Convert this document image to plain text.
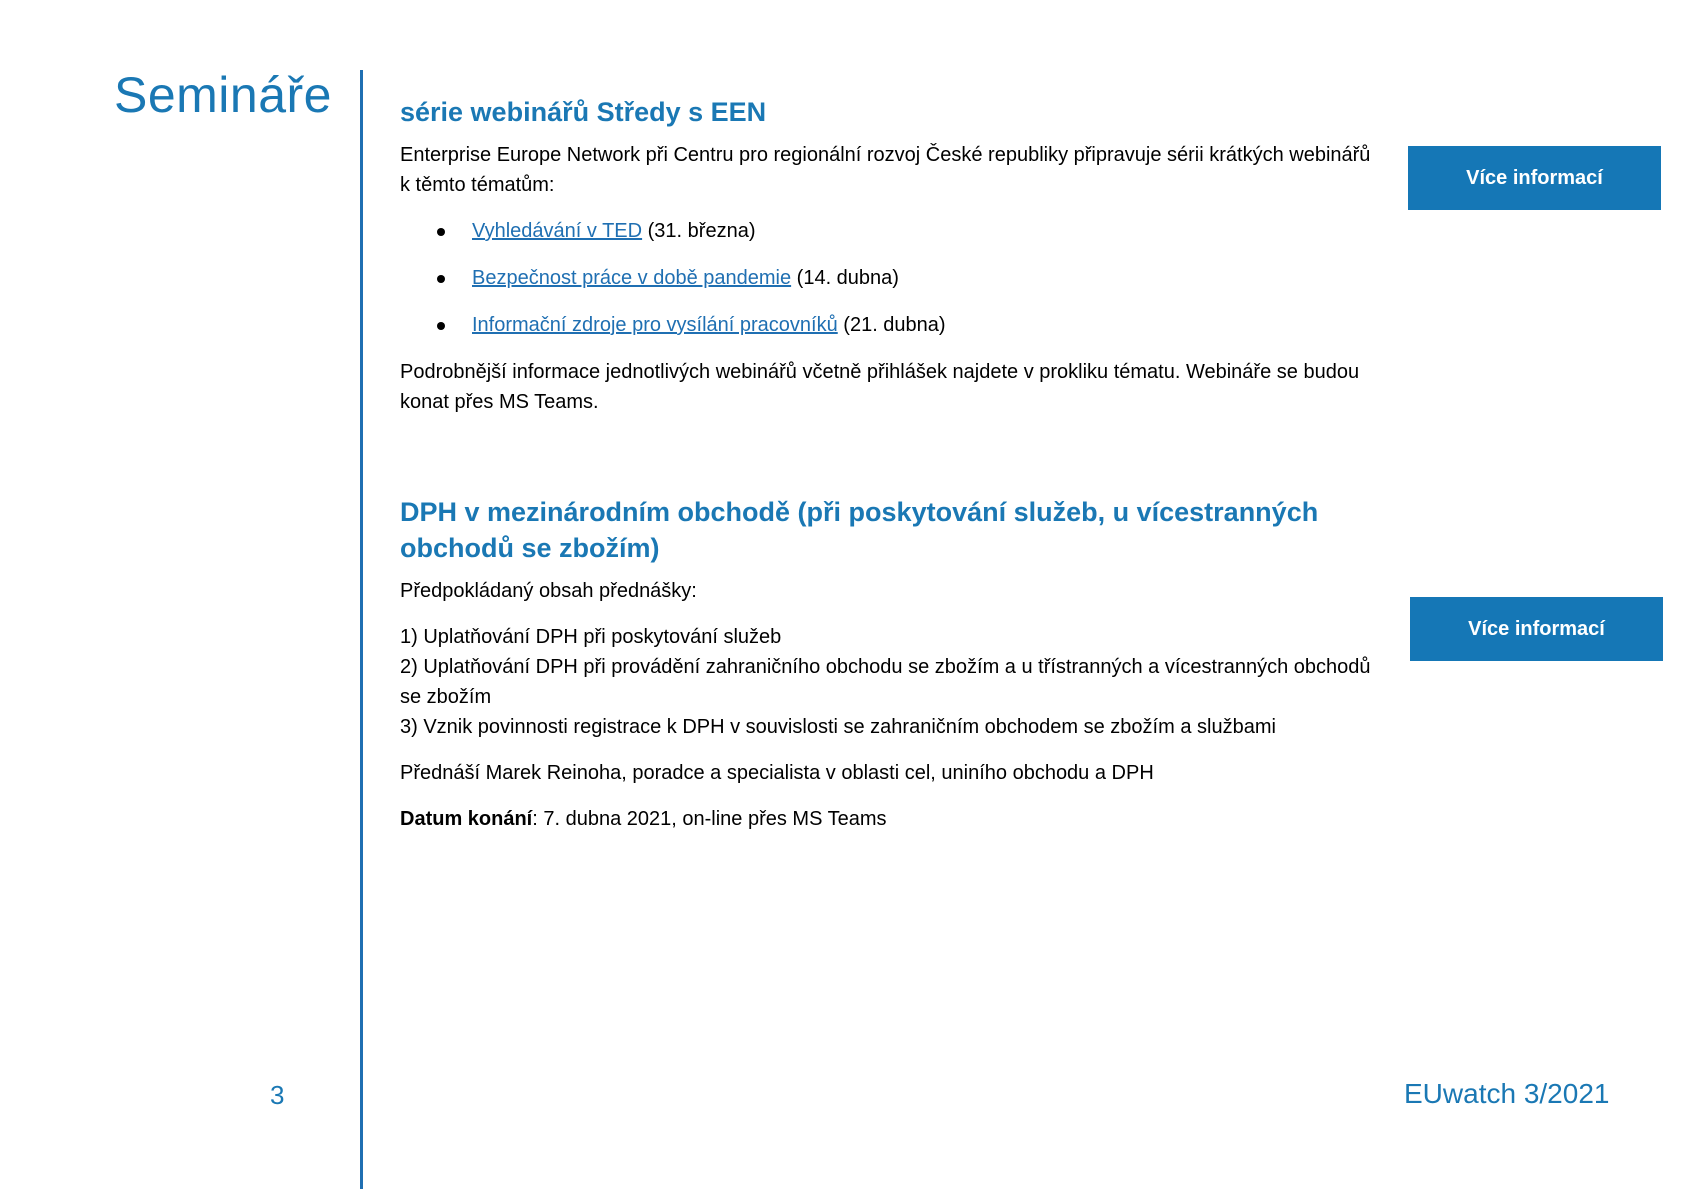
Semináře	série webinářů Středy s EEN

Enterprise Europe Network při Centru pro regionální rozvoj České republiky připravuje sérii krátkých webinářů k těmto tématům:

Vyhledávání v TED (31. března)
Bezpečnost práce v době pandemie (14. dubna)
Informační zdroje pro vysílání pracovníků (21. dubna)

Podrobnější informace jednotlivých webinářů včetně přihlášek najdete v prokliku tématu. Webináře se budou konat přes MS Teams.

Více informací
DPH v mezinárodním obchodě (při poskytování služeb, u vícestranných obchodů se zbožím)

Předpokládaný obsah přednášky:

1) Uplatňování DPH při poskytování služeb

2) Uplatňování DPH při provádění zahraničního obchodu se zbožím a u třístranných a vícestranných obchodů se zbožím

3) Vznik povinnosti registrace k DPH v souvislosti se zahraničním obchodem se zbožím a službami

Přednáší Marek Reinoha, poradce a specialista v oblasti cel, uniního obchodu a DPH

Datum konání: 7. dubna 2021, on-line přes MS Teams

Více informací
3	EUwatch 3/2021
